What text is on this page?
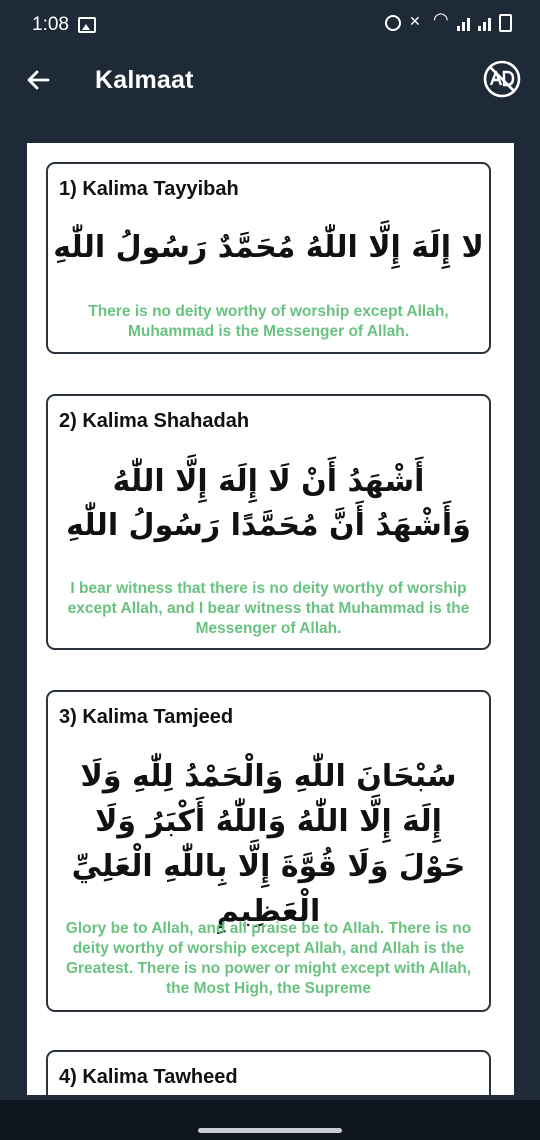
1:08
✕
◠
Kalmaat
1) Kalima Tayyibah
لا إِلَهَ إِلَّا اللّٰهُ مُحَمَّدٌ رَسُولُ اللّٰهِ
There is no deity worthy of worship except Allah, Muhammad is the Messenger of Allah.
2) Kalima Shahadah
أَشْهَدُ أَنْ لَا إِلَهَ إِلَّا اللّٰهُ وَأَشْهَدُ أَنَّ مُحَمَّدًا رَسُولُ اللّٰهِ
I bear witness that there is no deity worthy of worship except Allah, and I bear witness that Muhammad is the Messenger of Allah.
3) Kalima Tamjeed
سُبْحَانَ اللّٰهِ وَالْحَمْدُ لِلّٰهِ وَلَا إِلَهَ إِلَّا اللّٰهُ وَاللّٰهُ أَكْبَرُ وَلَا حَوْلَ وَلَا قُوَّةَ إِلَّا بِاللّٰهِ الْعَلِيِّ الْعَظِيمِ
Glory be to Allah, and all praise be to Allah. There is no deity worthy of worship except Allah, and Allah is the Greatest. There is no power or might except with Allah, the Most High, the Supreme
4) Kalima Tawheed
